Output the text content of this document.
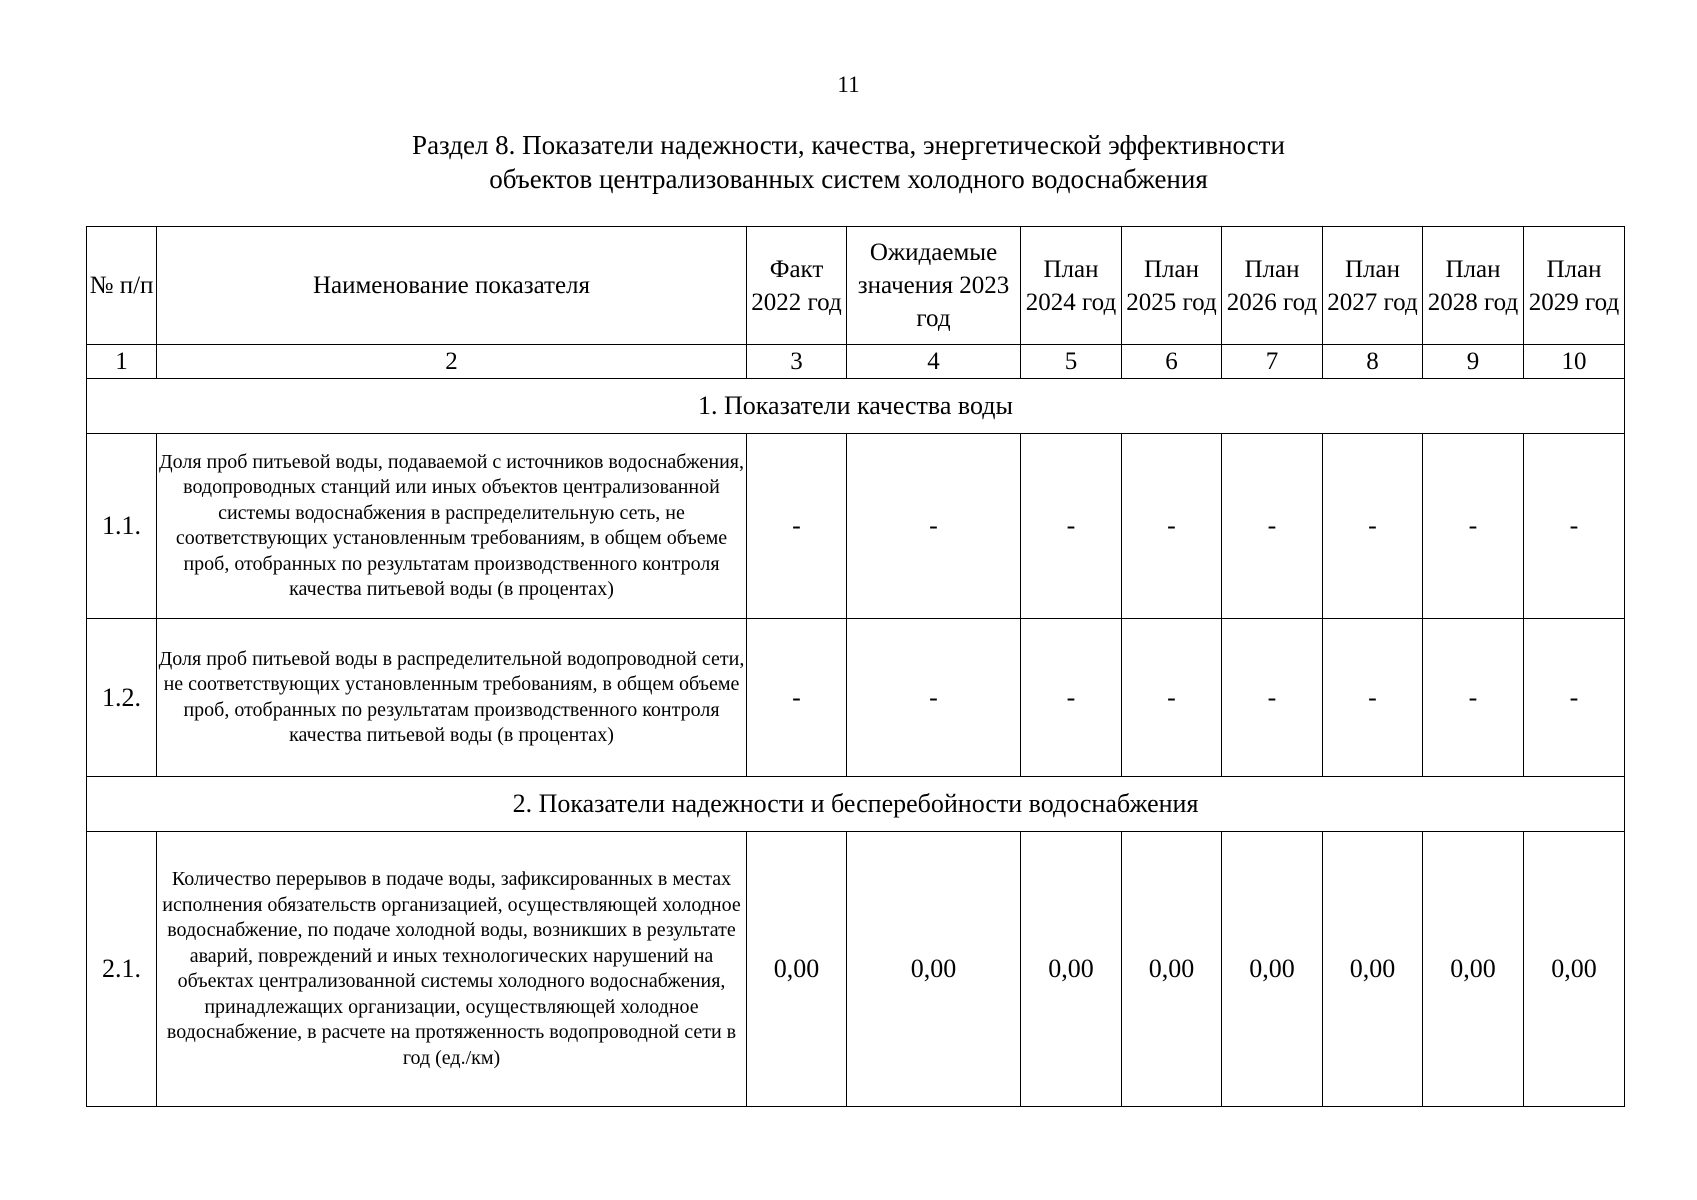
11
Раздел 8. Показатели надежности, качества, энергетической эффективности
объектов централизованных систем холодного водоснабжения
№ п/п	Наименование показателя	Факт 2022 год	Ожидаемые значения 2023 год	План 2024 год	План 2025 год	План 2026 год	План 2027 год	План 2028 год	План 2029 год
1	2	3	4	5	6	7	8	9	10
1. Показатели качества воды									
1.1.	Доля проб питьевой воды, подаваемой с источников водоснабжения, водопроводных станций или иных объектов централизованной системы водоснабжения в распределительную сеть, не соответствующих установленным требованиям, в общем объеме проб, отобранных по результатам производственного контроля качества питьевой воды (в процентах)	-	-	-	-	-	-	-	-
1.2.	Доля проб питьевой воды в распределительной водопроводной сети, не соответствующих установленным требованиям, в общем объеме проб, отобранных по результатам производственного контроля качества питьевой воды (в процентах)	-	-	-	-	-	-	-	-
2. Показатели надежности и бесперебойности водоснабжения									
2.1.	Количество перерывов в подаче воды, зафиксированных в местах исполнения обязательств организацией, осуществляющей холодное водоснабжение, по подаче холодной воды, возникших в результате аварий, повреждений и иных технологических нарушений на объектах централизованной системы холодного водоснабжения, принадлежащих организации, осуществляющей холодное водоснабжение, в расчете на протяженность водопроводной сети в год (ед./км)	0,00	0,00	0,00	0,00	0,00	0,00	0,00	0,00
